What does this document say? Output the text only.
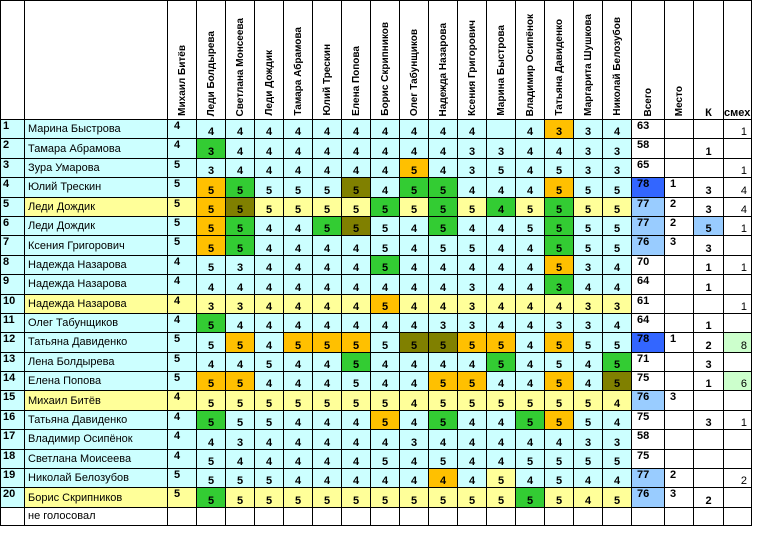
		Михаил Битёв	Леди Болдырева	Светлана Монсеева	Леди Дождик	Тамара Абрамова	Юлий Трескин	Елена Попова	Борис Скрипников	Олег Табунщиков	Надежда Назарова	Ксения Григорович	Марина Быстрова	Владимир Осипёнок	Татьяна Давиденко	Маргарита Шушкова	Николай Белозубов	Всего	Место	К	смех
1	Марина Быстрова	4	4	4	4	4	4	4	4	4	4	4		4	3	3	4	63			1
2	Тамара Абрамова	4	3	4	4	4	4	4	4	4	4	3	3	4	4	3	3	58		1	
3	Зура Умарова	5	3	4	4	4	4	4	4	5	4	3	5	4	5	3	3	65			1
4	Юлий Трескин	5	5	5	5	5	5	5	4	5	5	4	4	4	5	5	5	78	1	3	4
5	Леди Дождик	5	5	5	5	5	5	5	5	5	5	5	4	5	5	5	5	77	2	3	4
6	Леди Дождик	5	5	5	4	4	5	5	5	4	5	4	4	5	5	5	5	77	2	5	1
7	Ксения Григорович	5	5	5	4	4	4	4	5	4	5	5	4	4	5	5	5	76	3	3	
8	Надежда Назарова	4	5	3	4	4	4	4	5	4	4	4	4	4	5	3	4	70		1	1
9	Надежда Назарова	4	4	4	4	4	4	4	4	4	4	3	4	4	3	4	4	64		1	
10	Надежда Назарова	4	3	3	4	4	4	4	5	4	4	3	4	4	4	3	3	61			1
11	Олег Табунщиков	4	5	4	4	4	4	4	4	4	3	3	4	4	3	3	4	64		1	
12	Татьяна Давиденко	5	5	5	4	5	5	5	5	5	5	5	5	4	5	5	5	78	1	2	8
13	Лена Болдырева	5	4	4	5	4	4	5	4	4	4	4	5	4	5	4	5	71		3	
14	Елена Попова	5	5	5	4	4	4	5	4	4	5	5	4	4	5	4	5	75		1	6
15	Михаил Битёв	4	5	5	5	5	5	5	5	4	5	5	5	5	5	5	4	76	3		
16	Татьяна Давиденко	4	5	5	5	4	4	4	5	4	5	4	4	5	5	5	4	75		3	1
17	Владимир Осипёнок	4	4	3	4	4	4	4	4	3	4	4	4	4	4	3	3	58			
18	Светлана Моисеева	4	5	4	4	4	4	4	5	4	5	4	4	5	5	5	5	75			
19	Николай Белозубов	5	5	5	5	4	4	4	4	4	4	4	5	4	5	4	4	77	2		2
20	Борис Скрипников	5	5	5	5	5	5	5	5	5	5	5	5	5	5	4	5	76	3	2	
	не голосовал																				
